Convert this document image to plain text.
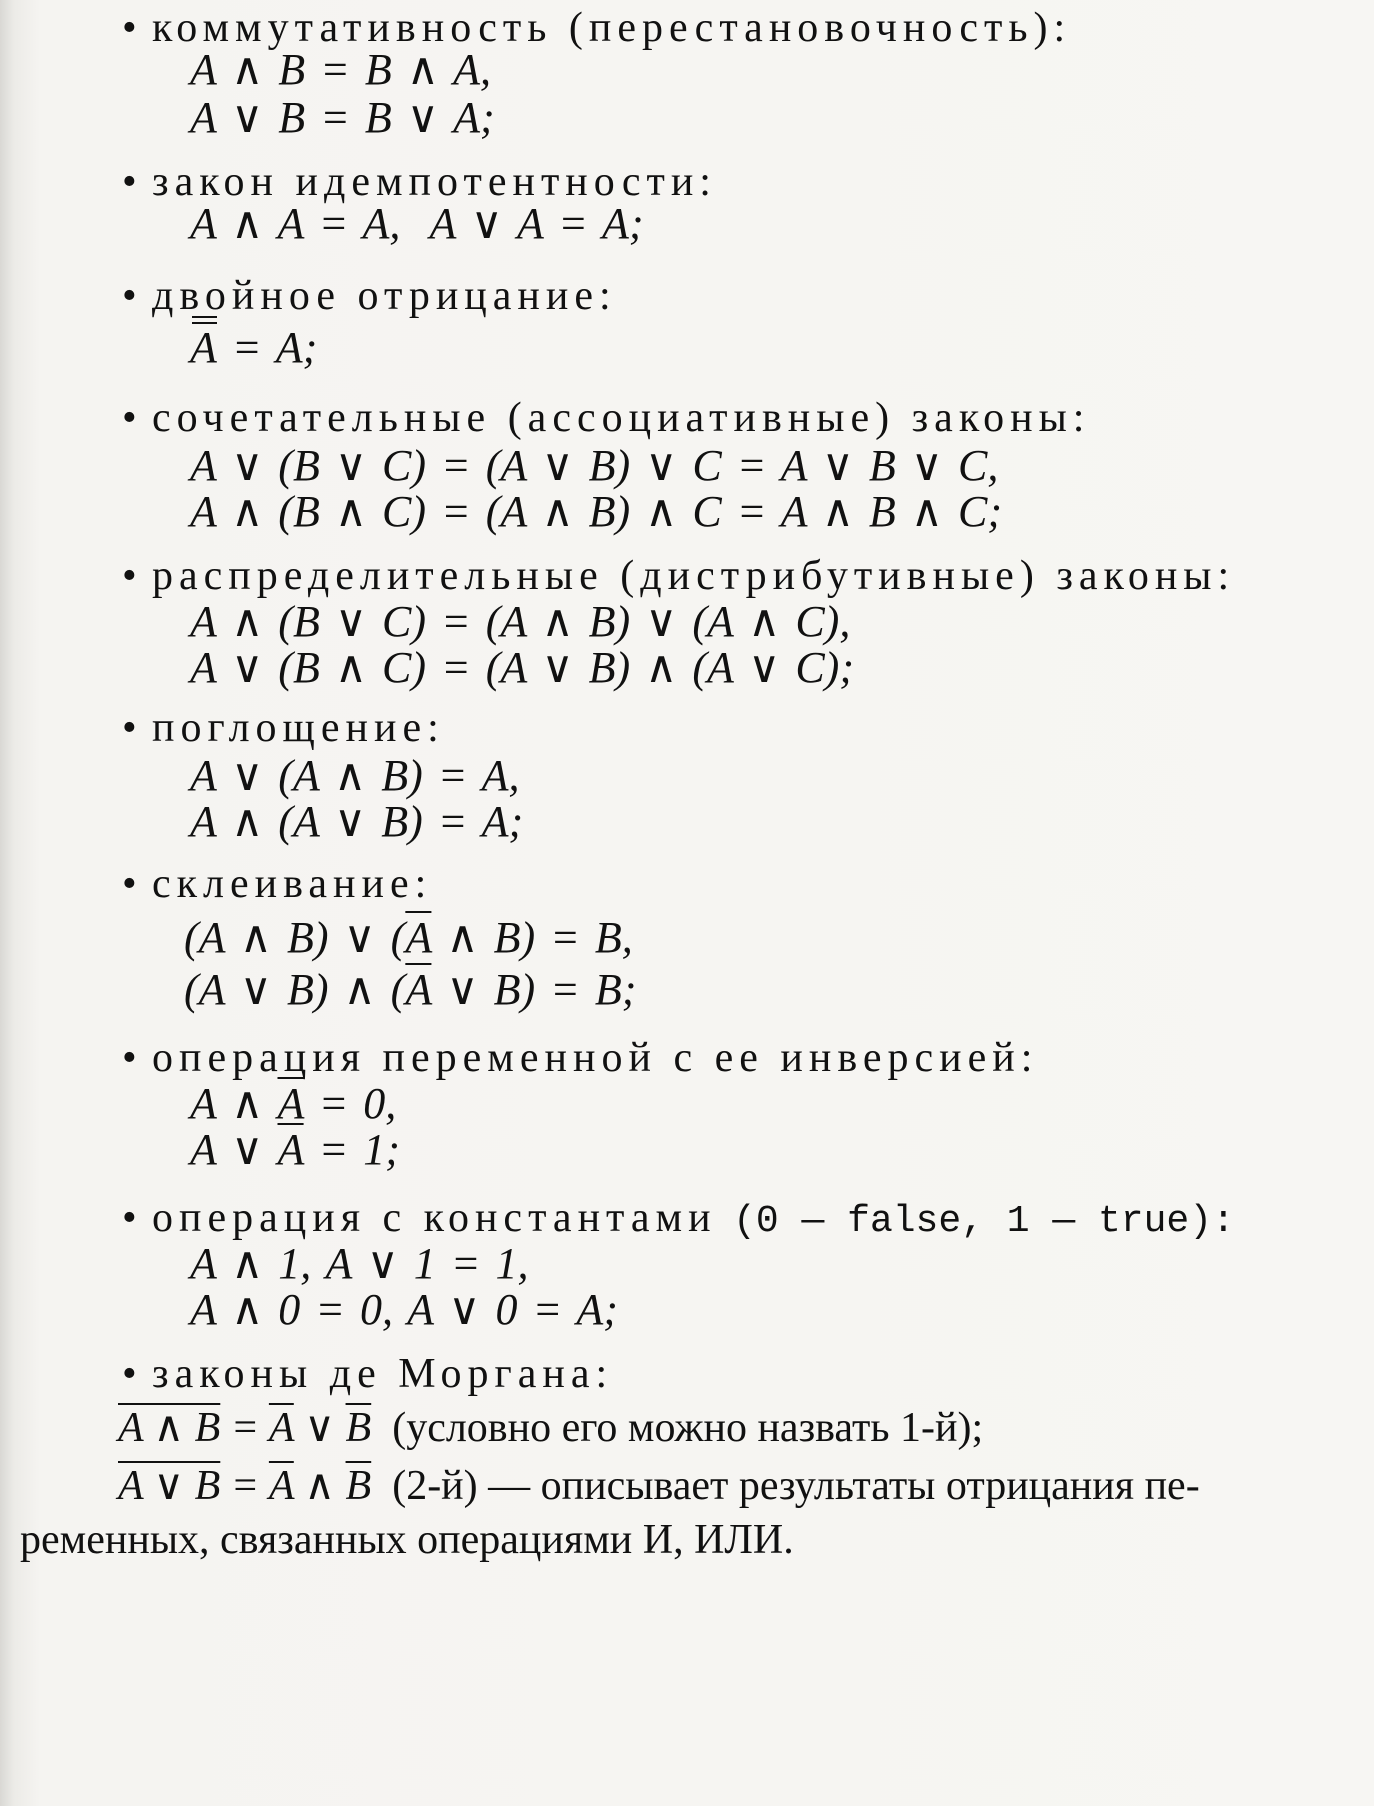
• коммутативность (перестановочность):
A ∧ B = B ∧ A,
A ∨ B = B ∨ A;
• закон идемпотентности:
A ∧ A = A,  A ∨ A = A;
• двойное отрицание:
A = A;
• сочетательные (ассоциативные) законы:
A ∨ (B ∨ C) = (A ∨ B) ∨ C = A ∨ B ∨ C,
A ∧ (B ∧ C) = (A ∧ B) ∧ C = A ∧ B ∧ C;
• распределительные (дистрибутивные) законы:
A ∧ (B ∨ C) = (A ∧ B) ∨ (A ∧ C),
A ∨ (B ∧ C) = (A ∨ B) ∧ (A ∨ C);
• поглощение:
A ∨ (A ∧ B) = A,
A ∧ (A ∨ B) = A;
• склеивание:
(A ∧ B) ∨ ($\overline{A}$ ∧ B) = B,
(A ∨ B) ∧ ($\overline{A}$ ∨ B) = B;
• операция переменной с ее инверсией:
A ∧ $\overline{A} = 0$,
A ∨ $\overline{A} = 1$;
• операция с константами (0 — false, 1 — true):
A ∧ 1, A ∨ 1 = 1,
A ∧ 0 = 0, A ∨ 0 = A;
• законы де Моргана:
A ∧ $B = \overline{A}$ ∨ $\overline{B}$ (условно его можно назвать 1-й);
A ∨ $B = \overline{A}$ ∧ $\overline{B}$ (2-й) — описывает результаты отрицания пе-
ременных, связанных операциями И, ИЛИ.
